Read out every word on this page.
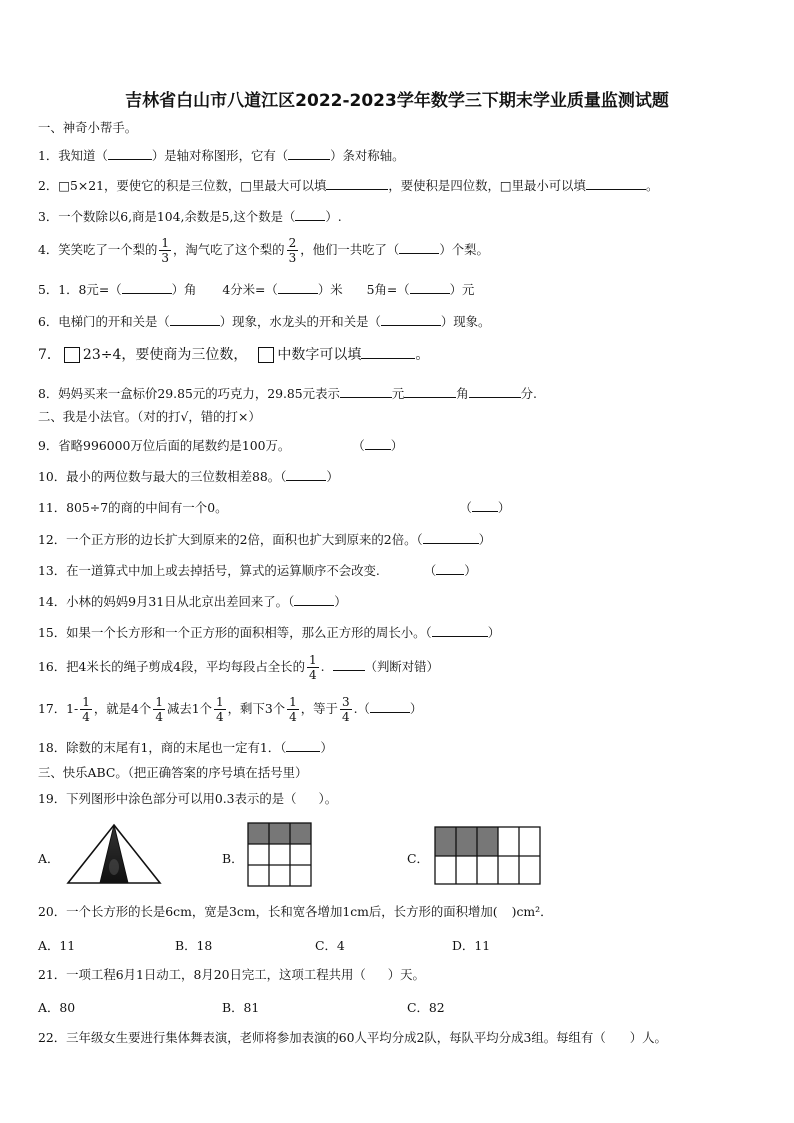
吉林省白山市八道江区2022-2023学年数学三下期末学业质量监测试题
一、神奇小帮手。
1．我知道（	）是轴对称图形，它有（	）条对称轴。
2．□5×21，要使它的积是三位数，□里最大可以填	，要使积是四位数，□里最小可以填	。
3．一个数除以6,商是104,余数是5,这个数是（ ）.
4．笑笑吃了一个梨的 $\frac{1}{3}$ ，淘气吃了这个梨的 $\frac{2}{3}$ ，他们一共吃了（	）个梨。
5．1．8元=（	）角 4分米=（	）米 5角=（	）元
6．电梯门的开和关是（	）现象，水龙头的开和关是（	）现象。
7． 23÷4，要使商为三位数， 中数字可以填	。
8．妈妈买来一盒标价29.85元的巧克力，29.85元表示	元	角	分.
二、我是小法官。（对的打√，错的打×）
9．省略996000万位后面的尾数约是100万。	（ ）
10．最小的两位数与最大的三位数相差88。（	）
11．805÷7的商的中间有一个0。	（ ）
12．一个正方形的边长扩大到原来的2倍，面积也扩大到原来的2倍。（	）
13．在一道算式中加上或去掉括号，算式的运算顺序不会改变.	（ ）
14．小林的妈妈9月31日从北京出差回来了。（	）
15．如果一个长方形和一个正方形的面积相等，那么正方形的周长小。（	）
16．把4米长的绳子剪成4段，平均每段占全长的 $\frac{1}{4}$ .	（判断对错）
17．$1- \frac{1}{4}$ ，就是4个 $\frac{1}{4}$ 减去1个 $\frac{1}{4}$ ，剩下3个 $\frac{1}{4}$ ，等于 $\frac{3}{4}$ .（	）
18．除数的末尾有1，商的末尾也一定有1．（	）
三、快乐ABC。（把正确答案的序号填在括号里）
19．下列图形中涂色部分可以用0.3表示的是（ ）。
A．	B．	C．
20．一个长方形的长是6cm，宽是3cm，长和宽各增加1cm后，长方形的面积增加( )cm²．
A．11	B．18	C．4	D．11
21．一项工程6月1日动工，8月20日完工，这项工程共用（ ）天。
A．80	B．81	C．82
22．三年级女生要进行集体舞表演，老师将参加表演的60人平均分成2队，每队平均分成3组。每组有（ ）人。
